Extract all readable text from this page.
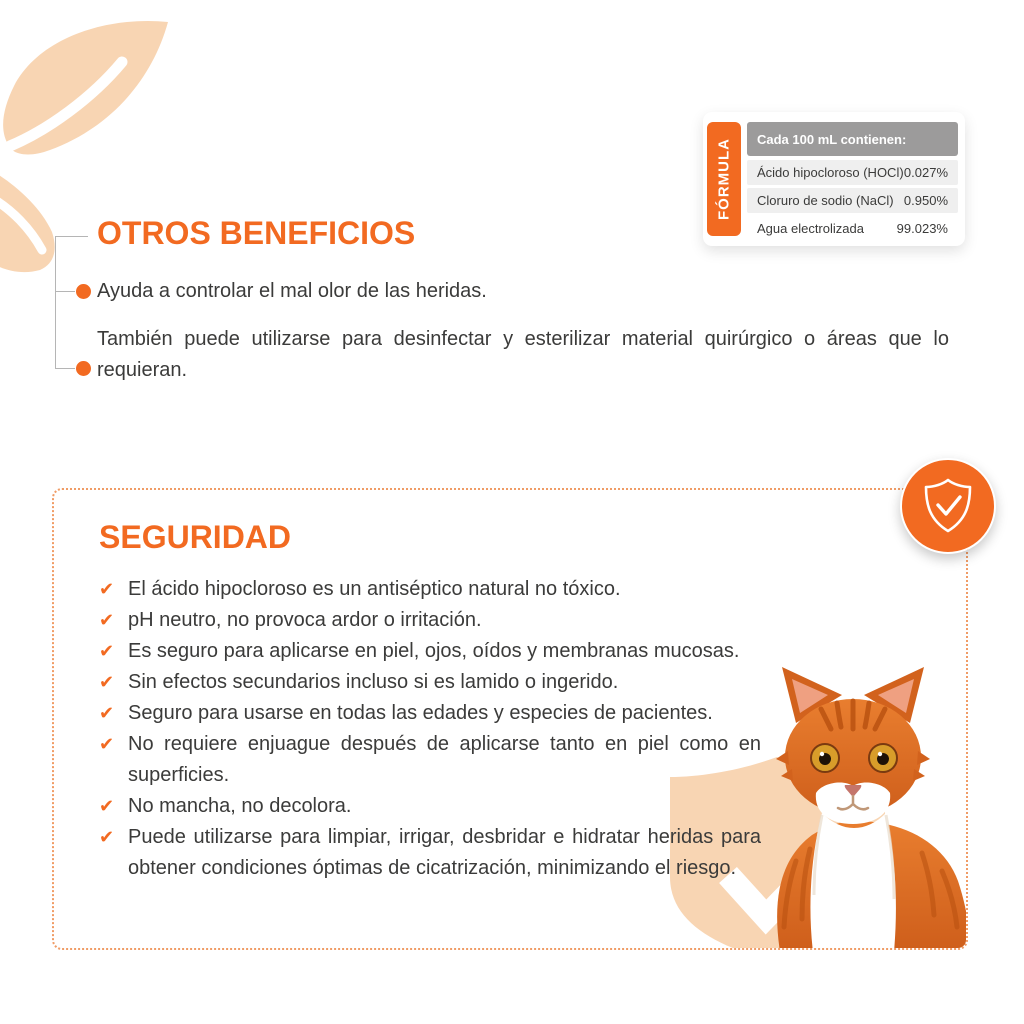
FÓRMULA	Cada 100 mL contienen:
Ácido hipocloroso (HOCl) 0.027%
Cloruro de sodio (NaCl) 0.950%
Agua electrolizada	99.023%
OTROS BENEFICIOS
Ayuda a controlar el mal olor de las heridas.
También puede utilizarse para desinfectar y esterilizar material quirúrgico o áreas que lo requieran.
SEGURIDAD
✔ El ácido hipocloroso es un antiséptico natural no tóxico.
✔ pH neutro, no provoca ardor o irritación.
✔ Es seguro para aplicarse en piel, ojos, oídos y membranas mucosas.
✔ Sin efectos secundarios incluso si es lamido o ingerido.
✔ Seguro para usarse en todas las edades y especies de pacientes.
✔ No requiere enjuague después de aplicarse tanto en piel como en superficies.
✔ No mancha, no decolora.
✔ Puede utilizarse para limpiar, irrigar, desbridar e hidratar heridas para obtener condiciones óptimas de cicatrización, minimizando el riesgo.
